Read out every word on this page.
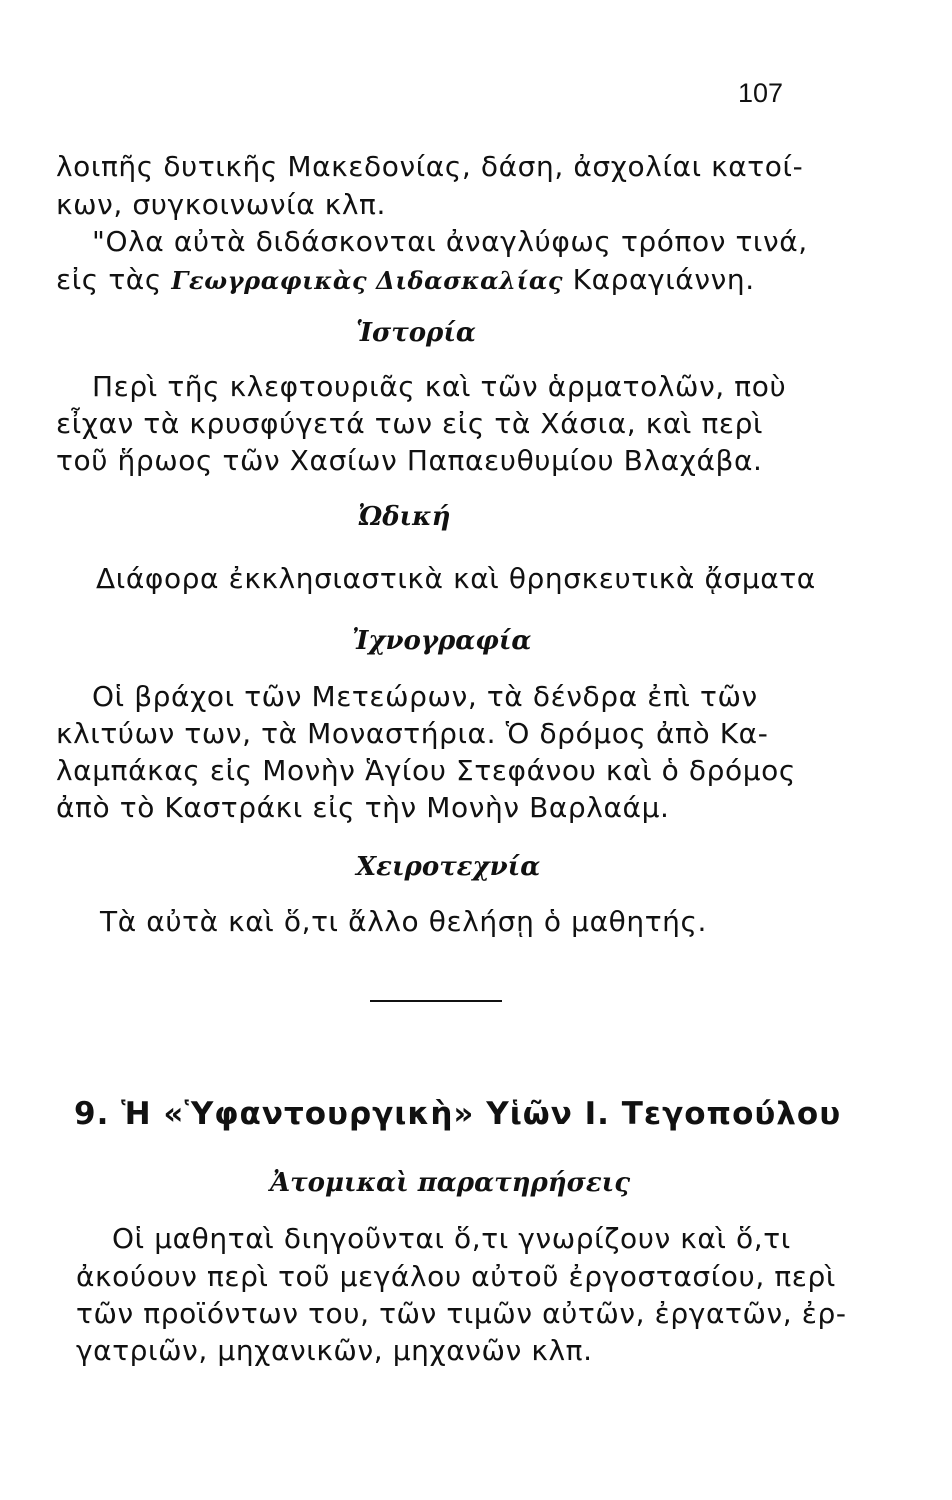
107
λοιπῆς δυτικῆς Μακεδονίας, δάση, ἀσχολίαι κατοί-
κων, συγκοινωνία κλπ.
"Ολα αὐτὰ διδάσκονται ἀναγλύφως τρόπον τινά,
εἰς τὰς Γεωγραφικὰς Διδασκαλίας Καραγιάννη.
Ἱστορία
Περὶ τῆς κλεφτουριᾶς καὶ τῶν ἁρματολῶν, ποὺ
εἶχαν τὰ κρυσφύγετά των εἰς τὰ Χάσια, καὶ περὶ
τοῦ ἥρωος τῶν Χασίων Παπαευθυμίου Βλαχάβα.
Ὠδική
Διάφορα ἐκκλησιαστικὰ καὶ θρησκευτικὰ ᾄσματα
Ἰχνογραφία
Οἱ βράχοι τῶν Μετεώρων, τὰ δένδρα ἐπὶ τῶν
κλιτύων των, τὰ Μοναστήρια. Ὁ δρόμος ἀπὸ Κα-
λαμπάκας εἰς Μονὴν Ἁγίου Στεφάνου καὶ ὁ δρόμος
ἀπὸ τὸ Καστράκι εἰς τὴν Μονὴν Βαρλαάμ.
Χειροτεχνία
Τὰ αὐτὰ καὶ ὅ,τι ἄλλο θελήσῃ ὁ μαθητής.
9. Ἡ «Ὑφαντουργικὴ» Υἱῶν Ι. Τεγοπούλου
Ἀτομικαὶ παρατηρήσεις
Οἱ μαθηταὶ διηγοῦνται ὅ,τι γνωρίζουν καὶ ὅ,τι
ἀκούουν περὶ τοῦ μεγάλου αὐτοῦ ἐργοστασίου, περὶ
τῶν προϊόντων του, τῶν τιμῶν αὐτῶν, ἐργατῶν, ἐρ-
γατριῶν, μηχανικῶν, μηχανῶν κλπ.
